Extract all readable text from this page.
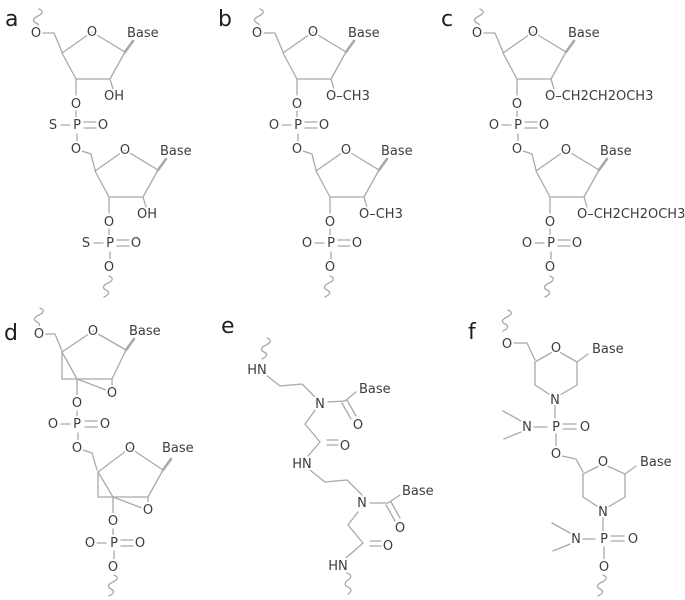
a
O	O Base
OH
O
S P O
O	O Base
OH
O
S P O
O
b
O	O Base
O–CH3
O
O P O
O	O Base
O–CH3
O
O P O
O
c
O	O Base
O–CH2CH2OCH3
O
O P O
O	O Base
O–CH2CH2OCH3
O
O P O
O
d O	O Base
O
O
O P O
O	O Base
O
O
O P O
O
e
HN
N
Base
O
O
HN
N
Base
O
O
HN
f O	O Base
N
N P O
O
O Base
N
N P O
O
